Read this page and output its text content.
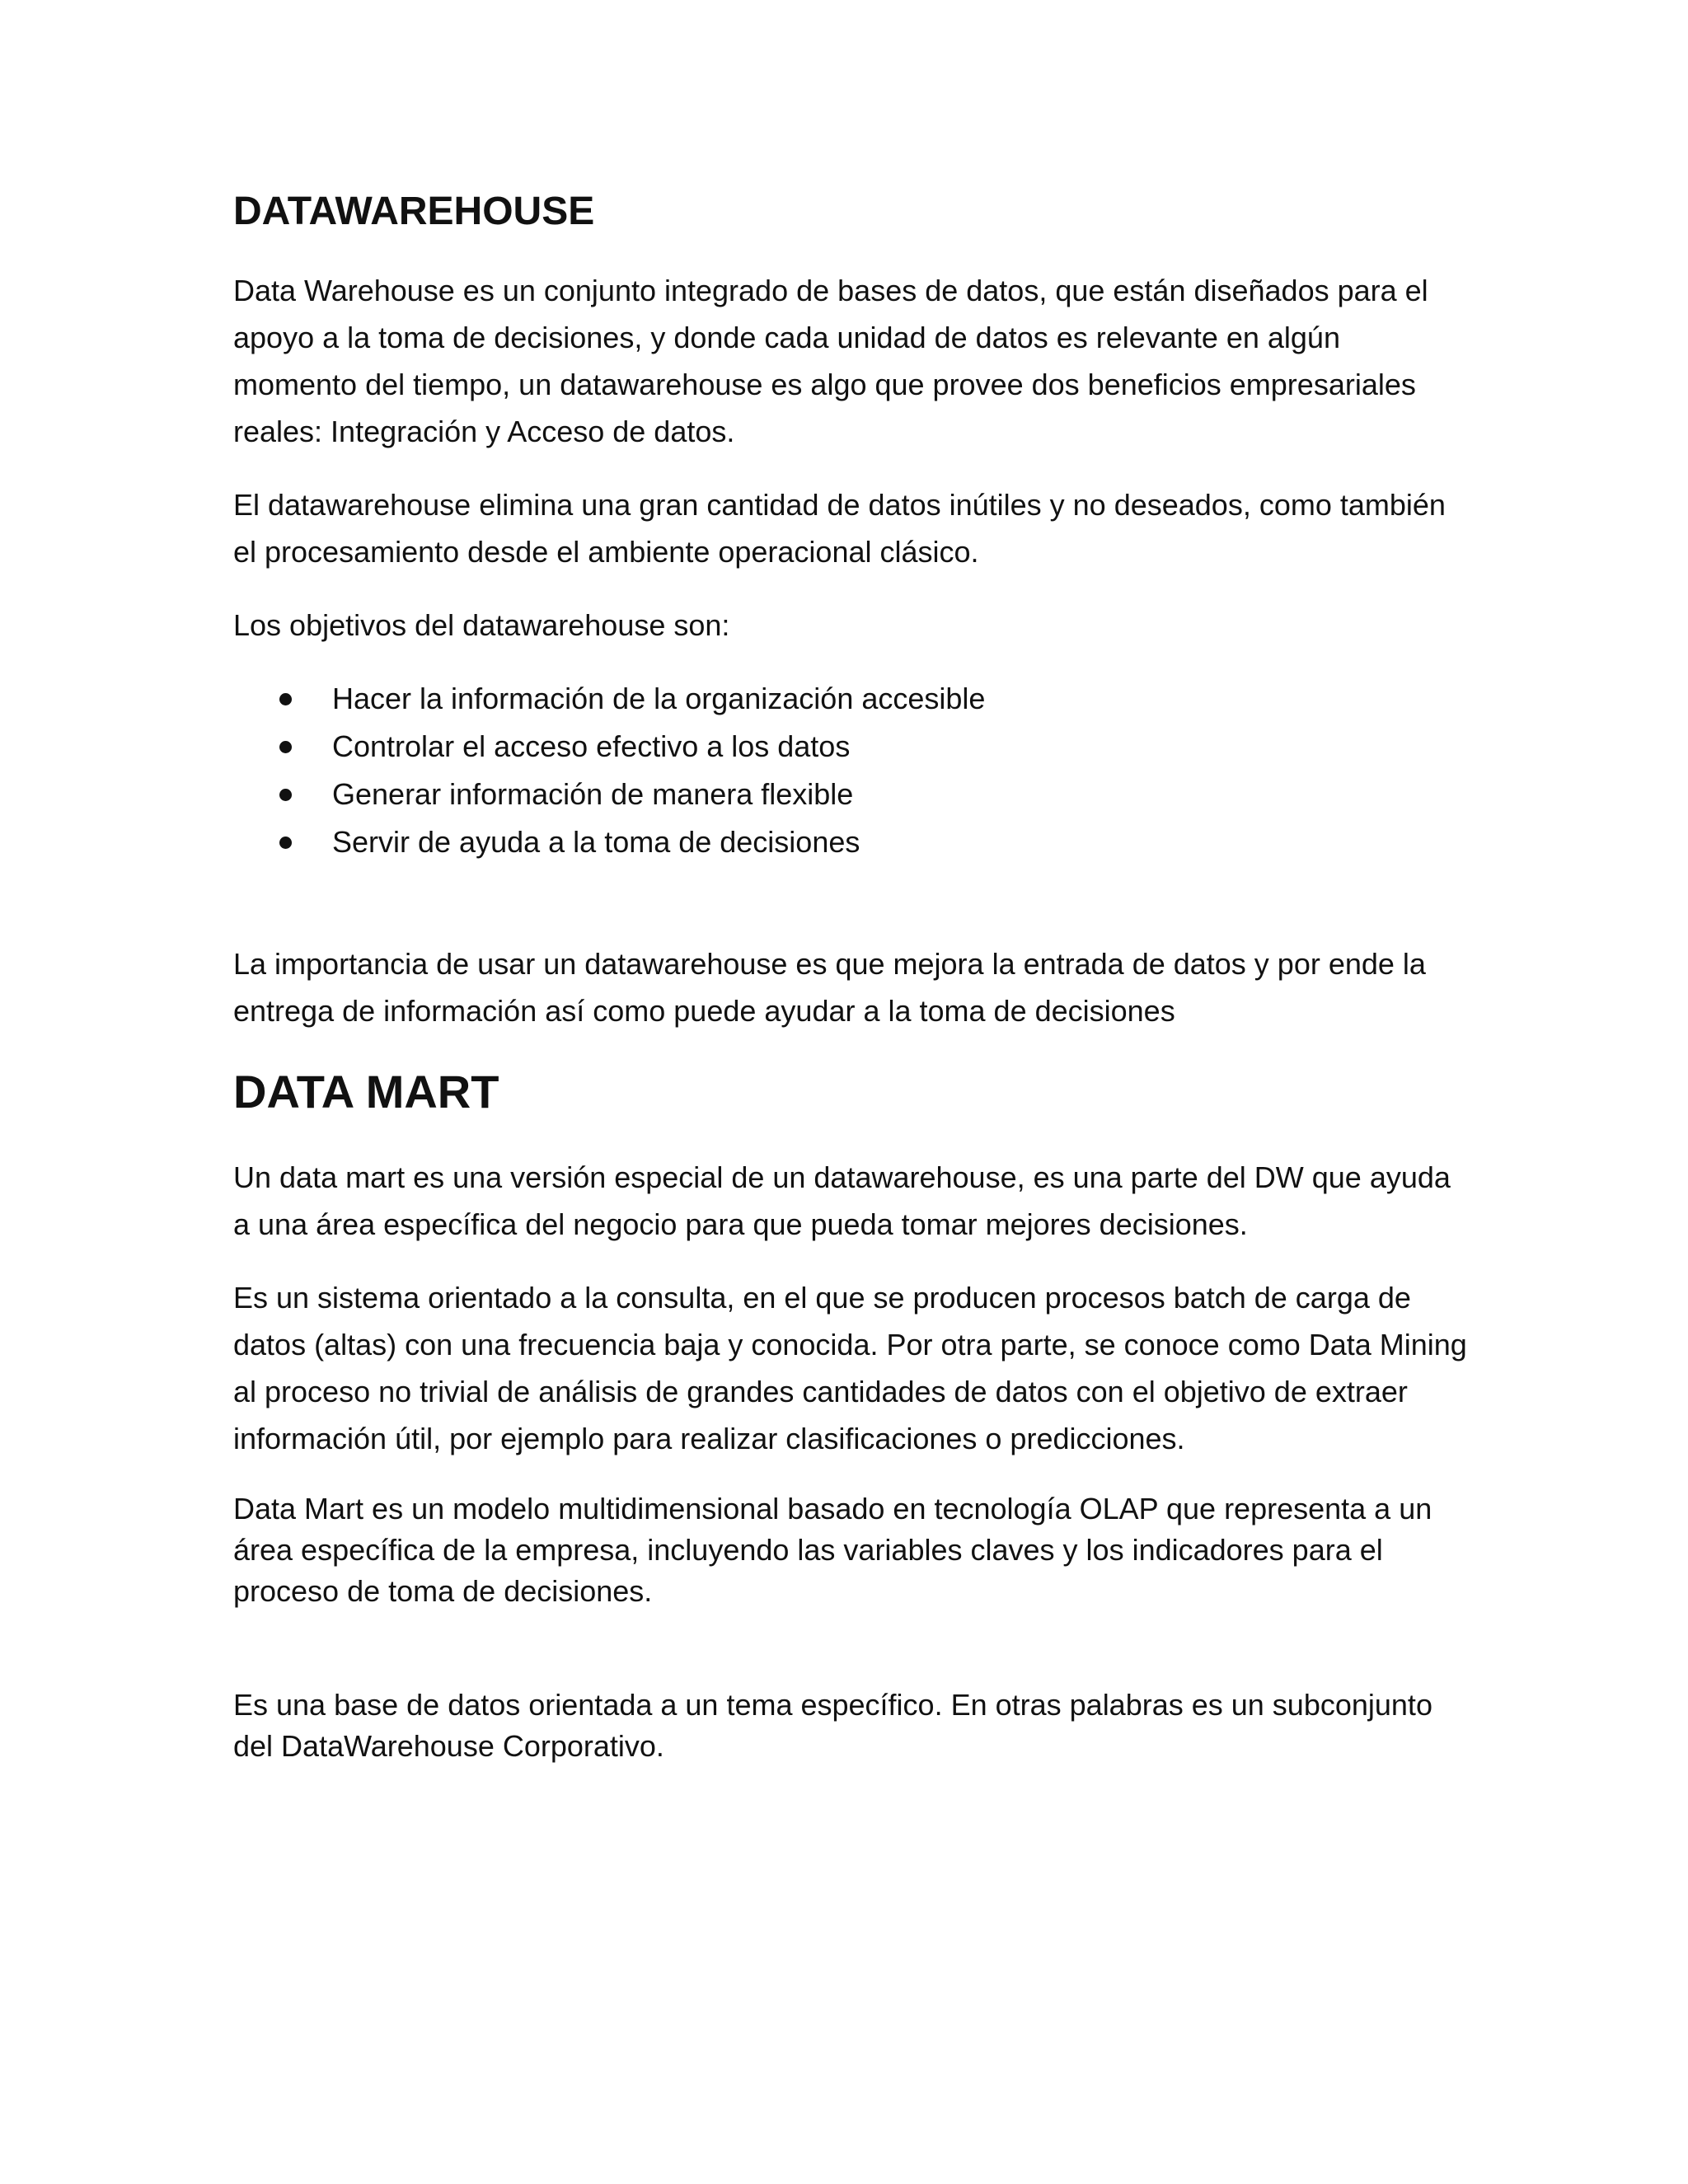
DATAWAREHOUSE

Data Warehouse es un conjunto integrado de bases de datos, que están diseñados para el apoyo a la toma de decisiones, y donde cada unidad de datos es relevante en algún momento del tiempo, un datawarehouse es algo que provee dos beneficios empresariales reales: Integración y Acceso de datos.

El datawarehouse elimina una gran cantidad de datos inútiles y no deseados, como también el procesamiento desde el ambiente operacional clásico.

Los objetivos del datawarehouse son:

Hacer la información de la organización accesible
Controlar el acceso efectivo a los datos
Generar información de manera flexible
Servir de ayuda a la toma de decisiones

La importancia de usar un datawarehouse es que mejora la entrada de datos y por ende la entrega de información así como puede ayudar a la toma de decisiones

DATA MART

Un data mart es una versión especial de un datawarehouse, es una parte del DW que ayuda a una área específica del negocio para que pueda tomar mejores decisiones.

Es un sistema orientado a la consulta, en el que se producen procesos batch de carga de datos (altas) con una frecuencia baja y conocida. Por otra parte, se conoce como Data Mining al proceso no trivial de análisis de grandes cantidades de datos con el objetivo de extraer información útil, por ejemplo para realizar clasificaciones o predicciones.

Data Mart es un modelo multidimensional basado en tecnología OLAP que representa a un área específica de la empresa, incluyendo las variables claves y los indicadores para el proceso de toma de decisiones.

Es una base de datos orientada a un tema específico. En otras palabras es un subconjunto del DataWarehouse Corporativo.
